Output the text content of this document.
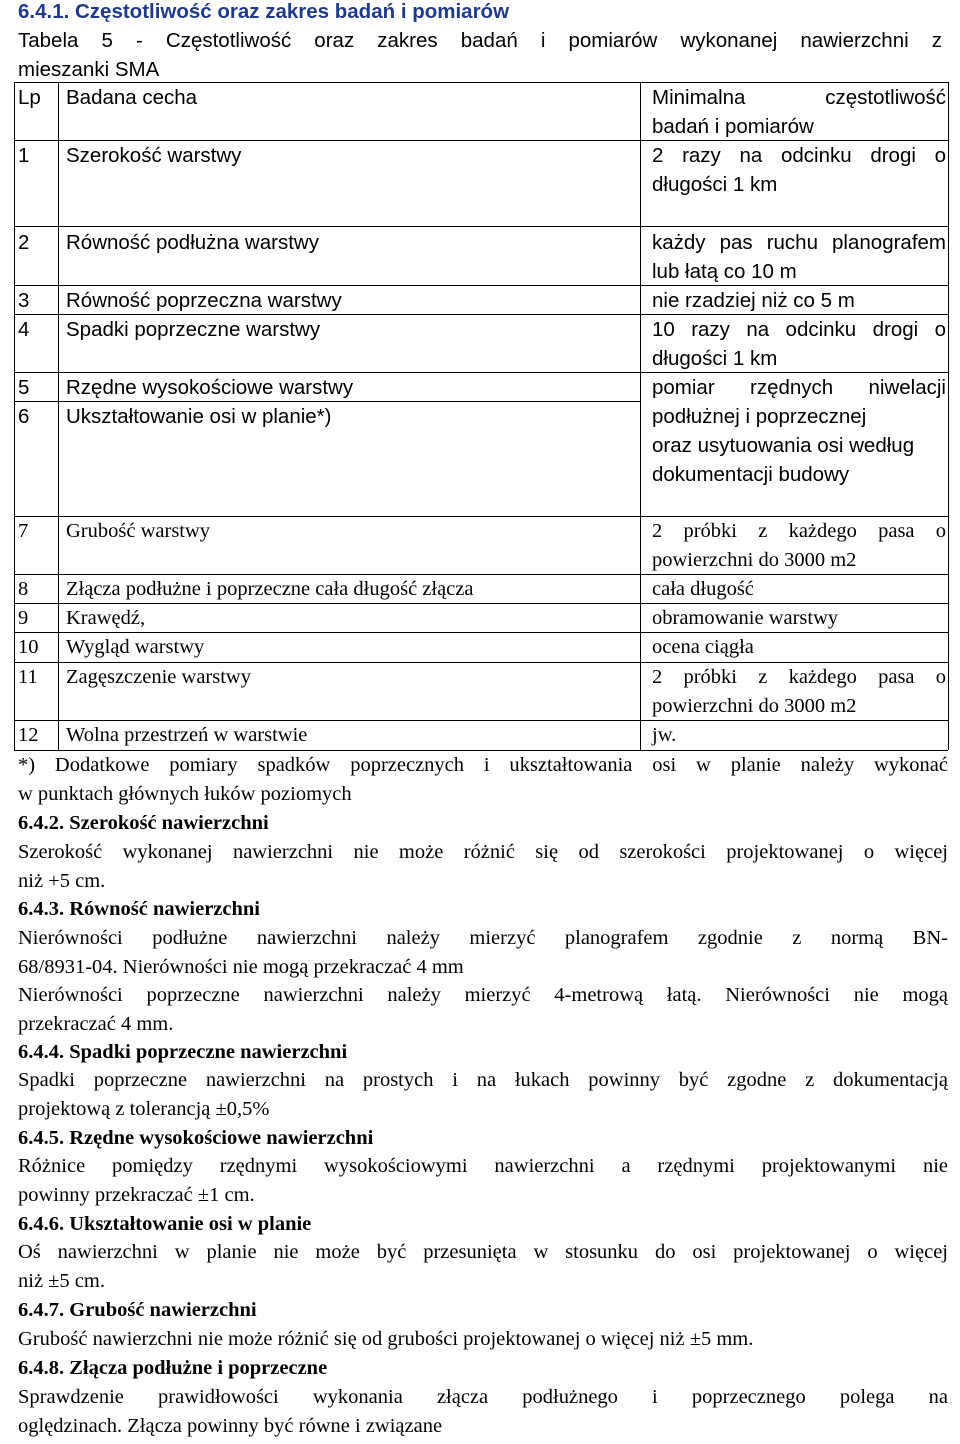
6.4.1. Częstotliwość oraz zakres badań i pomiarów
Tabela 5 - Częstotliwość oraz zakres badań i pomiarów wykonanej nawierzchni z
mieszanki SMA
Lp Badana cecha	Minimalna częstotliwość
badań i pomiarów
1 Szerokość warstwy	2 razy na odcinku drogi o
długości 1 km
2 Równość podłużna warstwy	każdy pas ruchu planografem
lub łatą co 10 m
3 Równość poprzeczna warstwy	nie rzadziej niż co 5 m
4 Spadki poprzeczne warstwy	10 razy na odcinku drogi o
długości 1 km
5 Rzędne wysokościowe warstwy	pomiar rzędnych niwelacji
podłużnej i poprzecznej
oraz usytuowania osi według
dokumentacji budowy
6 Ukształtowanie osi w planie*)
7 Grubość warstwy	2 próbki z każdego pasa o
powierzchni do 3000 m2
8 Złącza podłużne i poprzeczne cała długość złącza	cała długość
9 Krawędź,	obramowanie warstwy
10 Wygląd warstwy	ocena ciągła
11 Zagęszczenie warstwy	2 próbki z każdego pasa o
powierzchni do 3000 m2
12 Wolna przestrzeń w warstwie	jw.
*) Dodatkowe pomiary spadków poprzecznych i ukształtowania osi w planie należy wykonać
w punktach głównych łuków poziomych
6.4.2. Szerokość nawierzchni
Szerokość wykonanej nawierzchni nie może różnić się od szerokości projektowanej o więcej
niż +5 cm.
6.4.3. Równość nawierzchni
Nierówności podłużne nawierzchni należy mierzyć planografem zgodnie z normą BN-
68/8931-04. Nierówności nie mogą przekraczać 4 mm
Nierówności poprzeczne nawierzchni należy mierzyć 4-metrową łatą. Nierówności nie mogą
przekraczać 4 mm.
6.4.4. Spadki poprzeczne nawierzchni
Spadki poprzeczne nawierzchni na prostych i na łukach powinny być zgodne z dokumentacją
projektową z tolerancją ±0,5%
6.4.5. Rzędne wysokościowe nawierzchni
Różnice pomiędzy rzędnymi wysokościowymi nawierzchni a rzędnymi projektowanymi nie
powinny przekraczać ±1 cm.
6.4.6. Ukształtowanie osi w planie
Oś nawierzchni w planie nie może być przesunięta w stosunku do osi projektowanej o więcej
niż ±5 cm.
6.4.7. Grubość nawierzchni
Grubość nawierzchni nie może różnić się od grubości projektowanej o więcej niż ±5 mm.
6.4.8. Złącza podłużne i poprzeczne
Sprawdzenie prawidłowości wykonania złącza podłużnego i poprzecznego polega na
oględzinach. Złącza powinny być równe i związane
